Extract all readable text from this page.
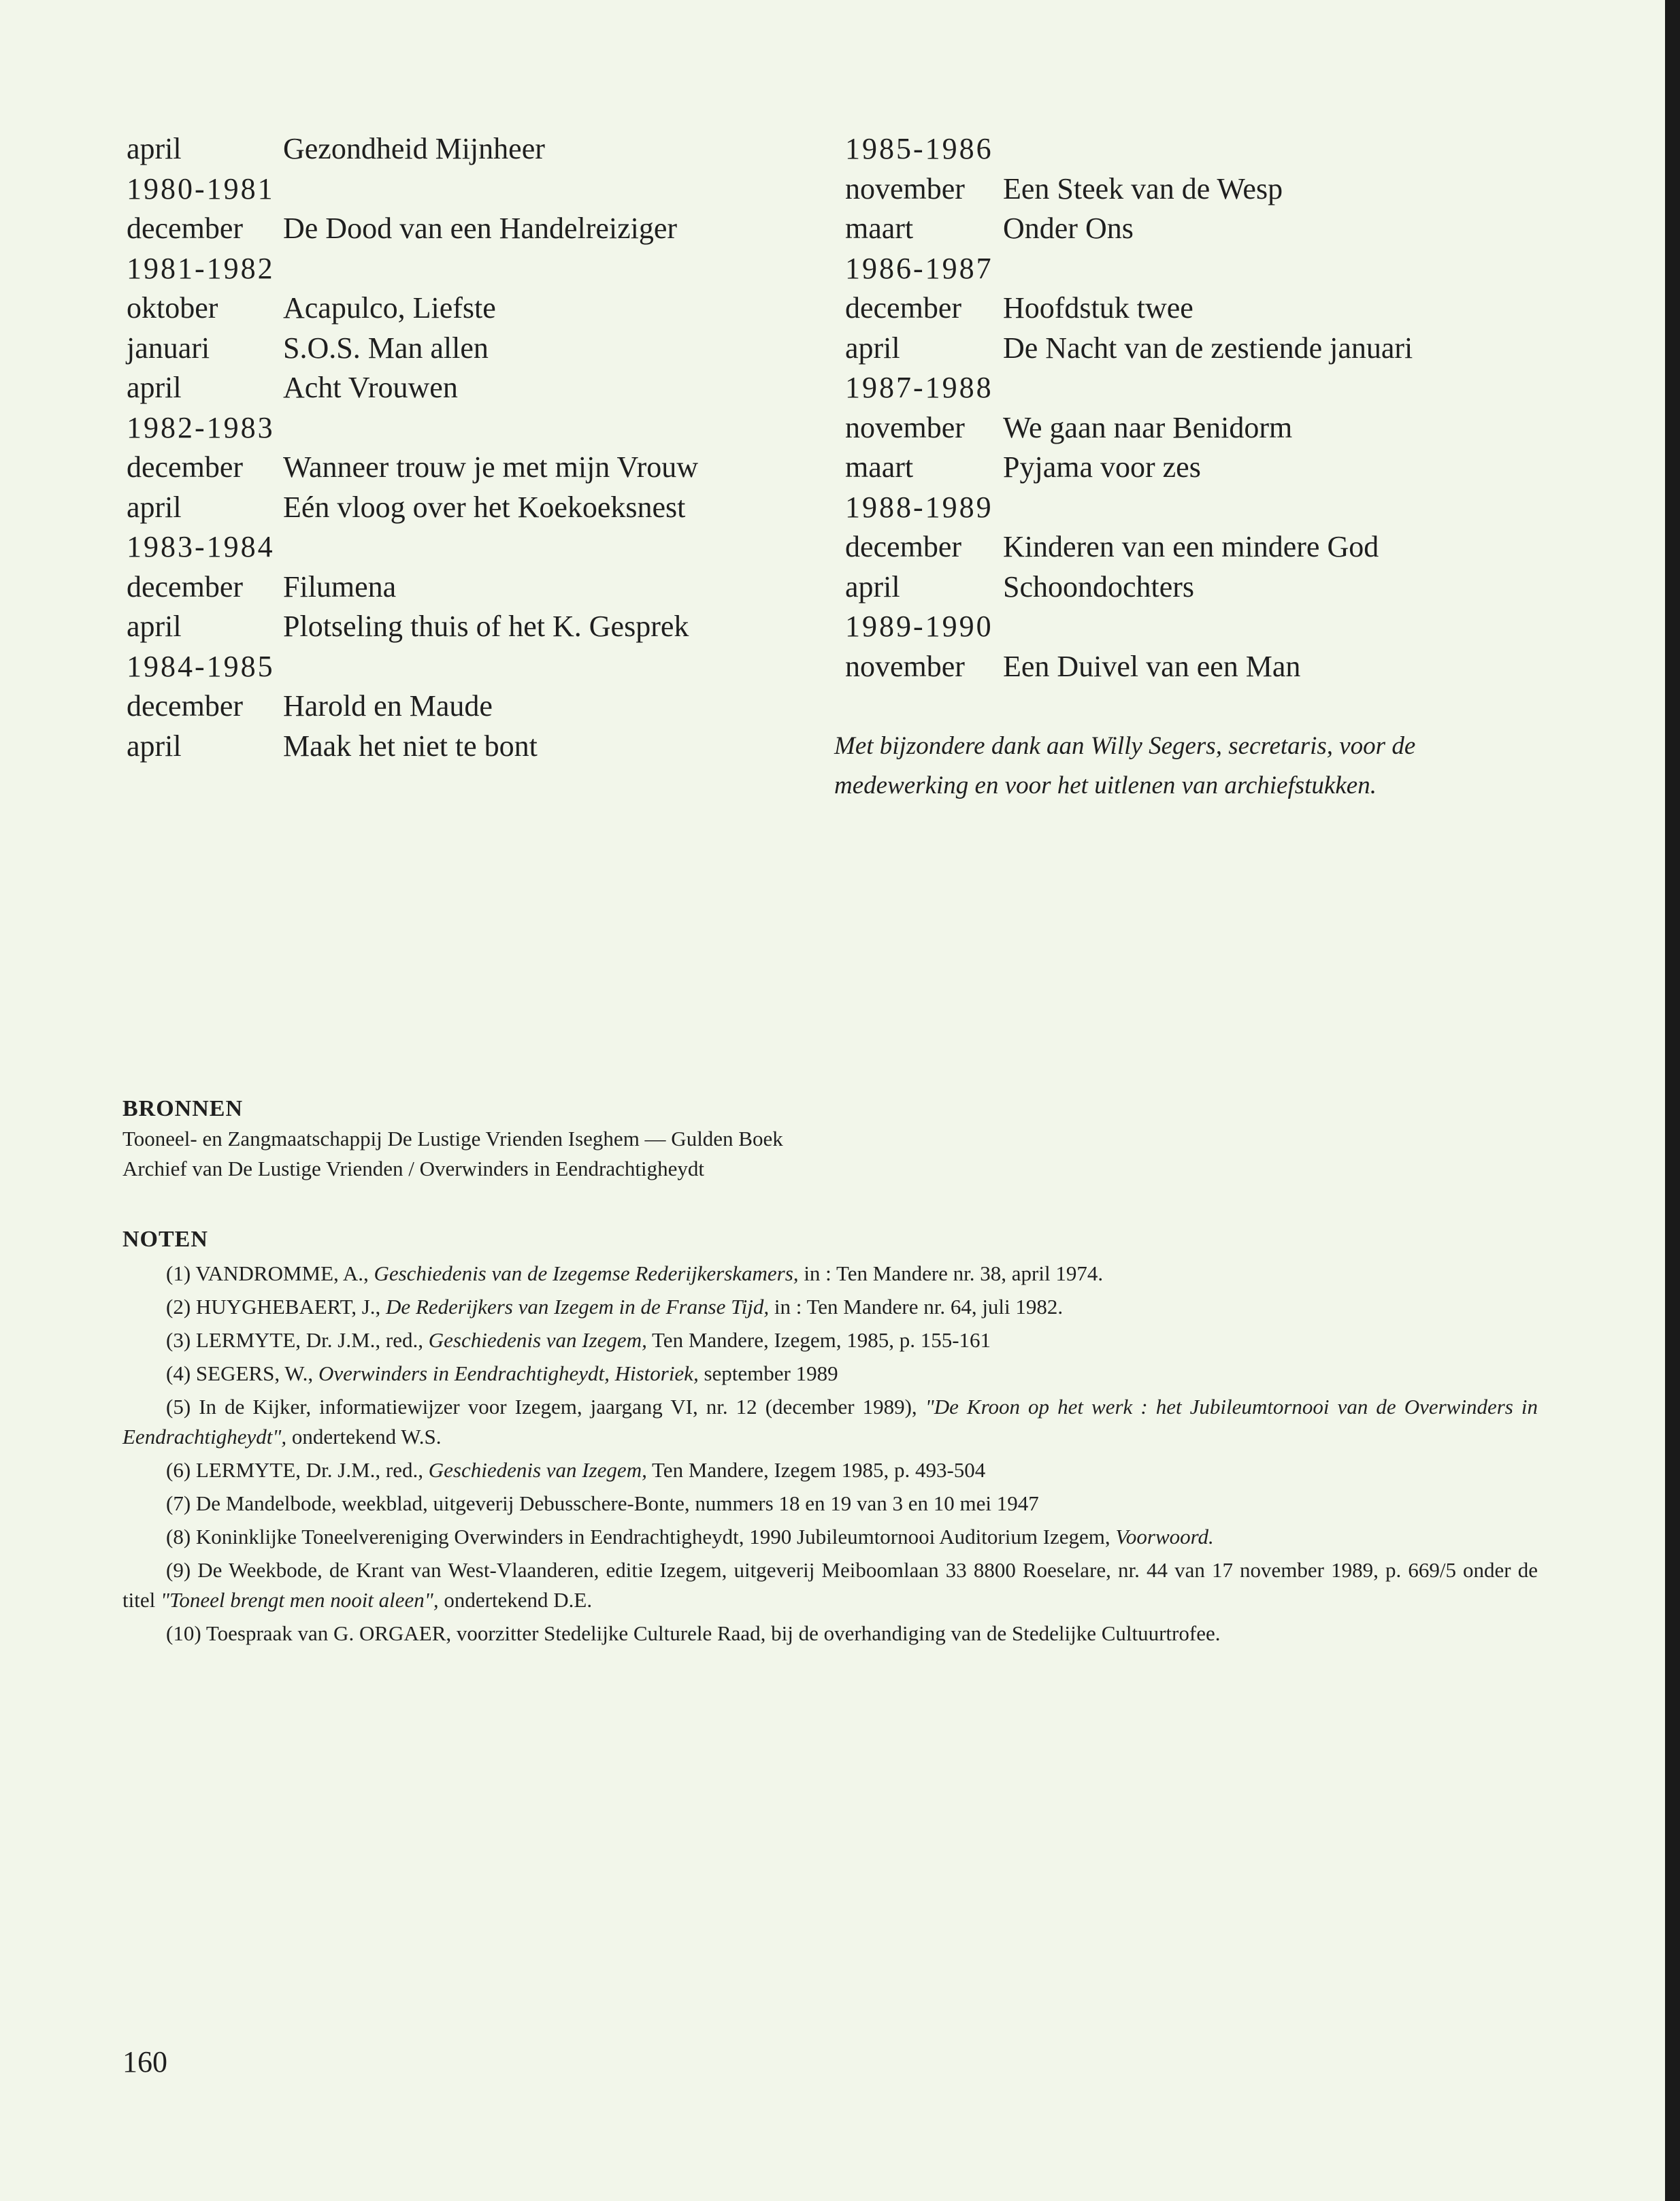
april	Gezondheid Mijnheer
1980-1981
december	De Dood van een Handelreiziger
1981-1982
oktober	Acapulco, Liefste
januari	S.O.S. Man allen
april	Acht Vrouwen
1982-1983
december	Wanneer trouw je met mijn Vrouw
april	Eén vloog over het Koekoeksnest
1983-1984
december	Filumena
april	Plotseling thuis of het K. Gesprek
1984-1985
december	Harold en Maude
april	Maak het niet te bont
1985-1986
november	Een Steek van de Wesp
maart	Onder Ons
1986-1987
december	Hoofdstuk twee
april	De Nacht van de zestiende januari
1987-1988
november	We gaan naar Benidorm
maart	Pyjama voor zes
1988-1989
december	Kinderen van een mindere God
april	Schoondochters
1989-1990
november	Een Duivel van een Man
Met bijzondere dank aan Willy Segers, secretaris, voor de medewerking en voor het uitlenen van archiefstukken.
BRONNEN
Tooneel- en Zangmaatschappij De Lustige Vrienden Iseghem — Gulden Boek
Archief van De Lustige Vrienden / Overwinders in Eendrachtigheydt
NOTEN
(1) VANDROMME, A., Geschiedenis van de Izegemse Rederijkerskamers, in : Ten Mandere nr. 38, april 1974.
(2) HUYGHEBAERT, J., De Rederijkers van Izegem in de Franse Tijd, in : Ten Mandere nr. 64, juli 1982.
(3) LERMYTE, Dr. J.M., red., Geschiedenis van Izegem, Ten Mandere, Izegem, 1985, p. 155-161
(4) SEGERS, W., Overwinders in Eendrachtigheydt, Historiek, september 1989
(5) In de Kijker, informatiewijzer voor Izegem, jaargang VI, nr. 12 (december 1989), "De Kroon op het werk : het Jubileumtornooi van de Overwinders in Eendrachtigheydt", ondertekend W.S.
(6) LERMYTE, Dr. J.M., red., Geschiedenis van Izegem, Ten Mandere, Izegem 1985, p. 493-504
(7) De Mandelbode, weekblad, uitgeverij Debusschere-Bonte, nummers 18 en 19 van 3 en 10 mei 1947
(8) Koninklijke Toneelvereniging Overwinders in Eendrachtigheydt, 1990 Jubileumtornooi Auditorium Izegem, Voorwoord.
(9) De Weekbode, de Krant van West-Vlaanderen, editie Izegem, uitgeverij Meiboomlaan 33 8800 Roeselare, nr. 44 van 17 november 1989, p. 669/5 onder de titel "Toneel brengt men nooit aleen", ondertekend D.E.
(10) Toespraak van G. ORGAER, voorzitter Stedelijke Culturele Raad, bij de overhandiging van de Stedelijke Cultuurtrofee.
160
